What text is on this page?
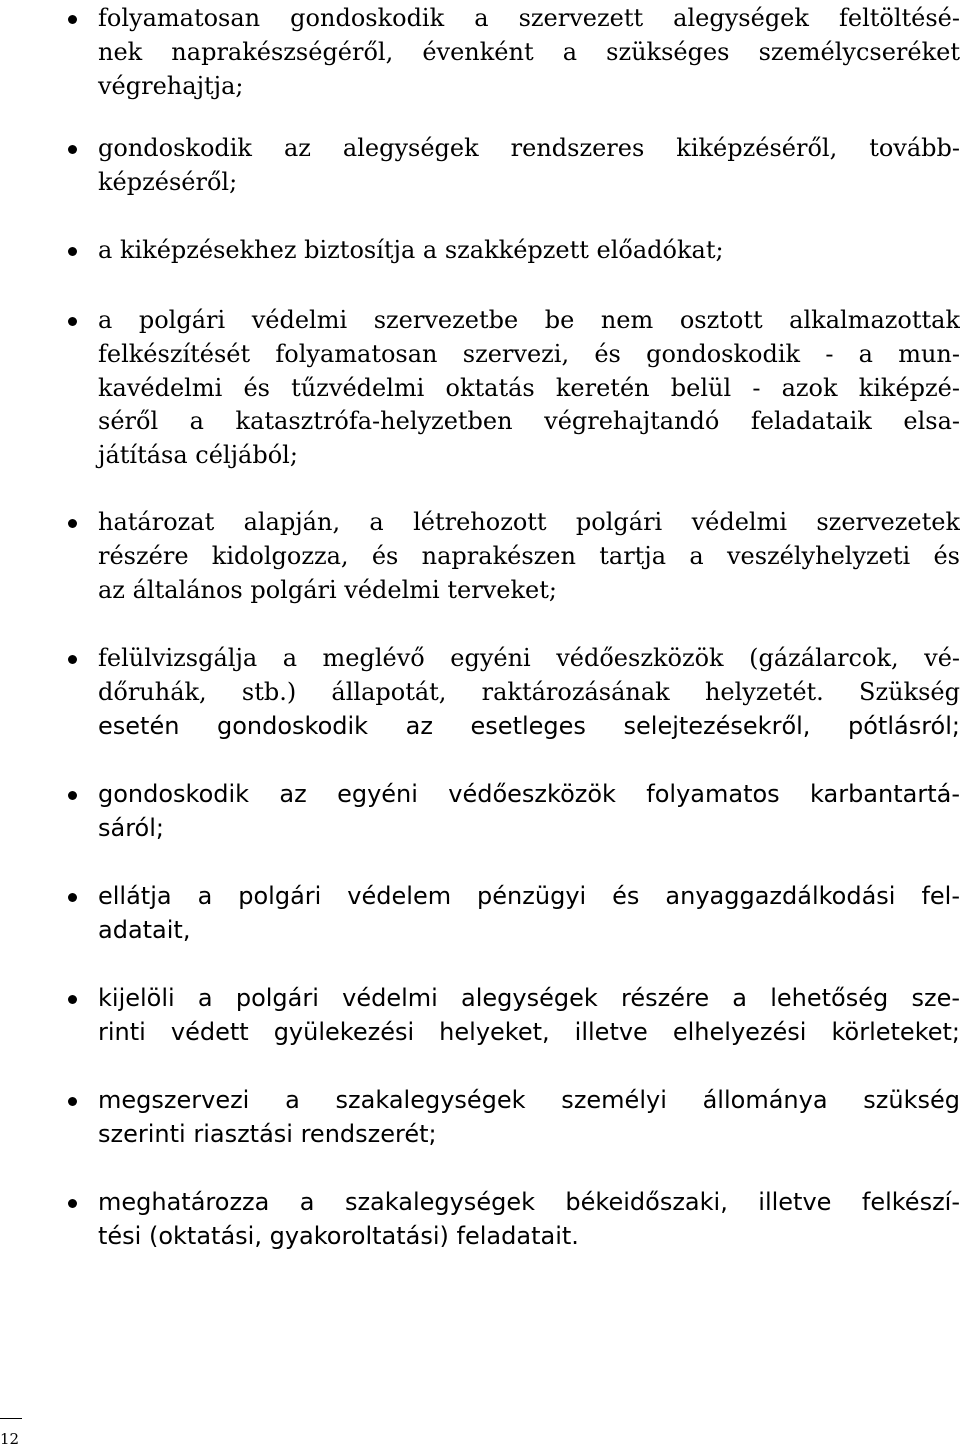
folyamatosan gondoskodik a szervezett alegységek feltöltésé-
nek naprakészségéről, évenként a szükséges személycseréket
végrehajtja;
gondoskodik az alegységek rendszeres kiképzéséről, tovább-
képzéséről;
a kiképzésekhez biztosítja a szakképzett előadókat;
a polgári védelmi szervezetbe be nem osztott alkalmazottak
felkészítését folyamatosan szervezi, és gondoskodik - a mun-
kavédelmi és tűzvédelmi oktatás keretén belül - azok kiképzé-
séről a katasztrófa-helyzetben végrehajtandó feladataik elsa-
játítása céljából;
határozat alapján, a létrehozott polgári védelmi szervezetek
részére kidolgozza, és naprakészen tartja a veszélyhelyzeti és
az általános polgári védelmi terveket;
felülvizsgálja a meglévő egyéni védőeszközök (gázálarcok, vé-
dőruhák, stb.) állapotát, raktározásának helyzetét. Szükség
esetén gondoskodik az esetleges selejtezésekről, pótlásról;
gondoskodik az egyéni védőeszközök folyamatos karbantartá-
sáról;
ellátja a polgári védelem pénzügyi és anyaggazdálkodási fel-
adatait,
kijelöli a polgári védelmi alegységek részére a lehetőség sze-
rinti védett gyülekezési helyeket, illetve elhelyezési körleteket;
megszervezi a szakalegységek személyi állománya szükség
szerinti riasztási rendszerét;
meghatározza a szakalegységek békeidőszaki, illetve felkészí-
tési (oktatási, gyakoroltatási) feladatait.
12
